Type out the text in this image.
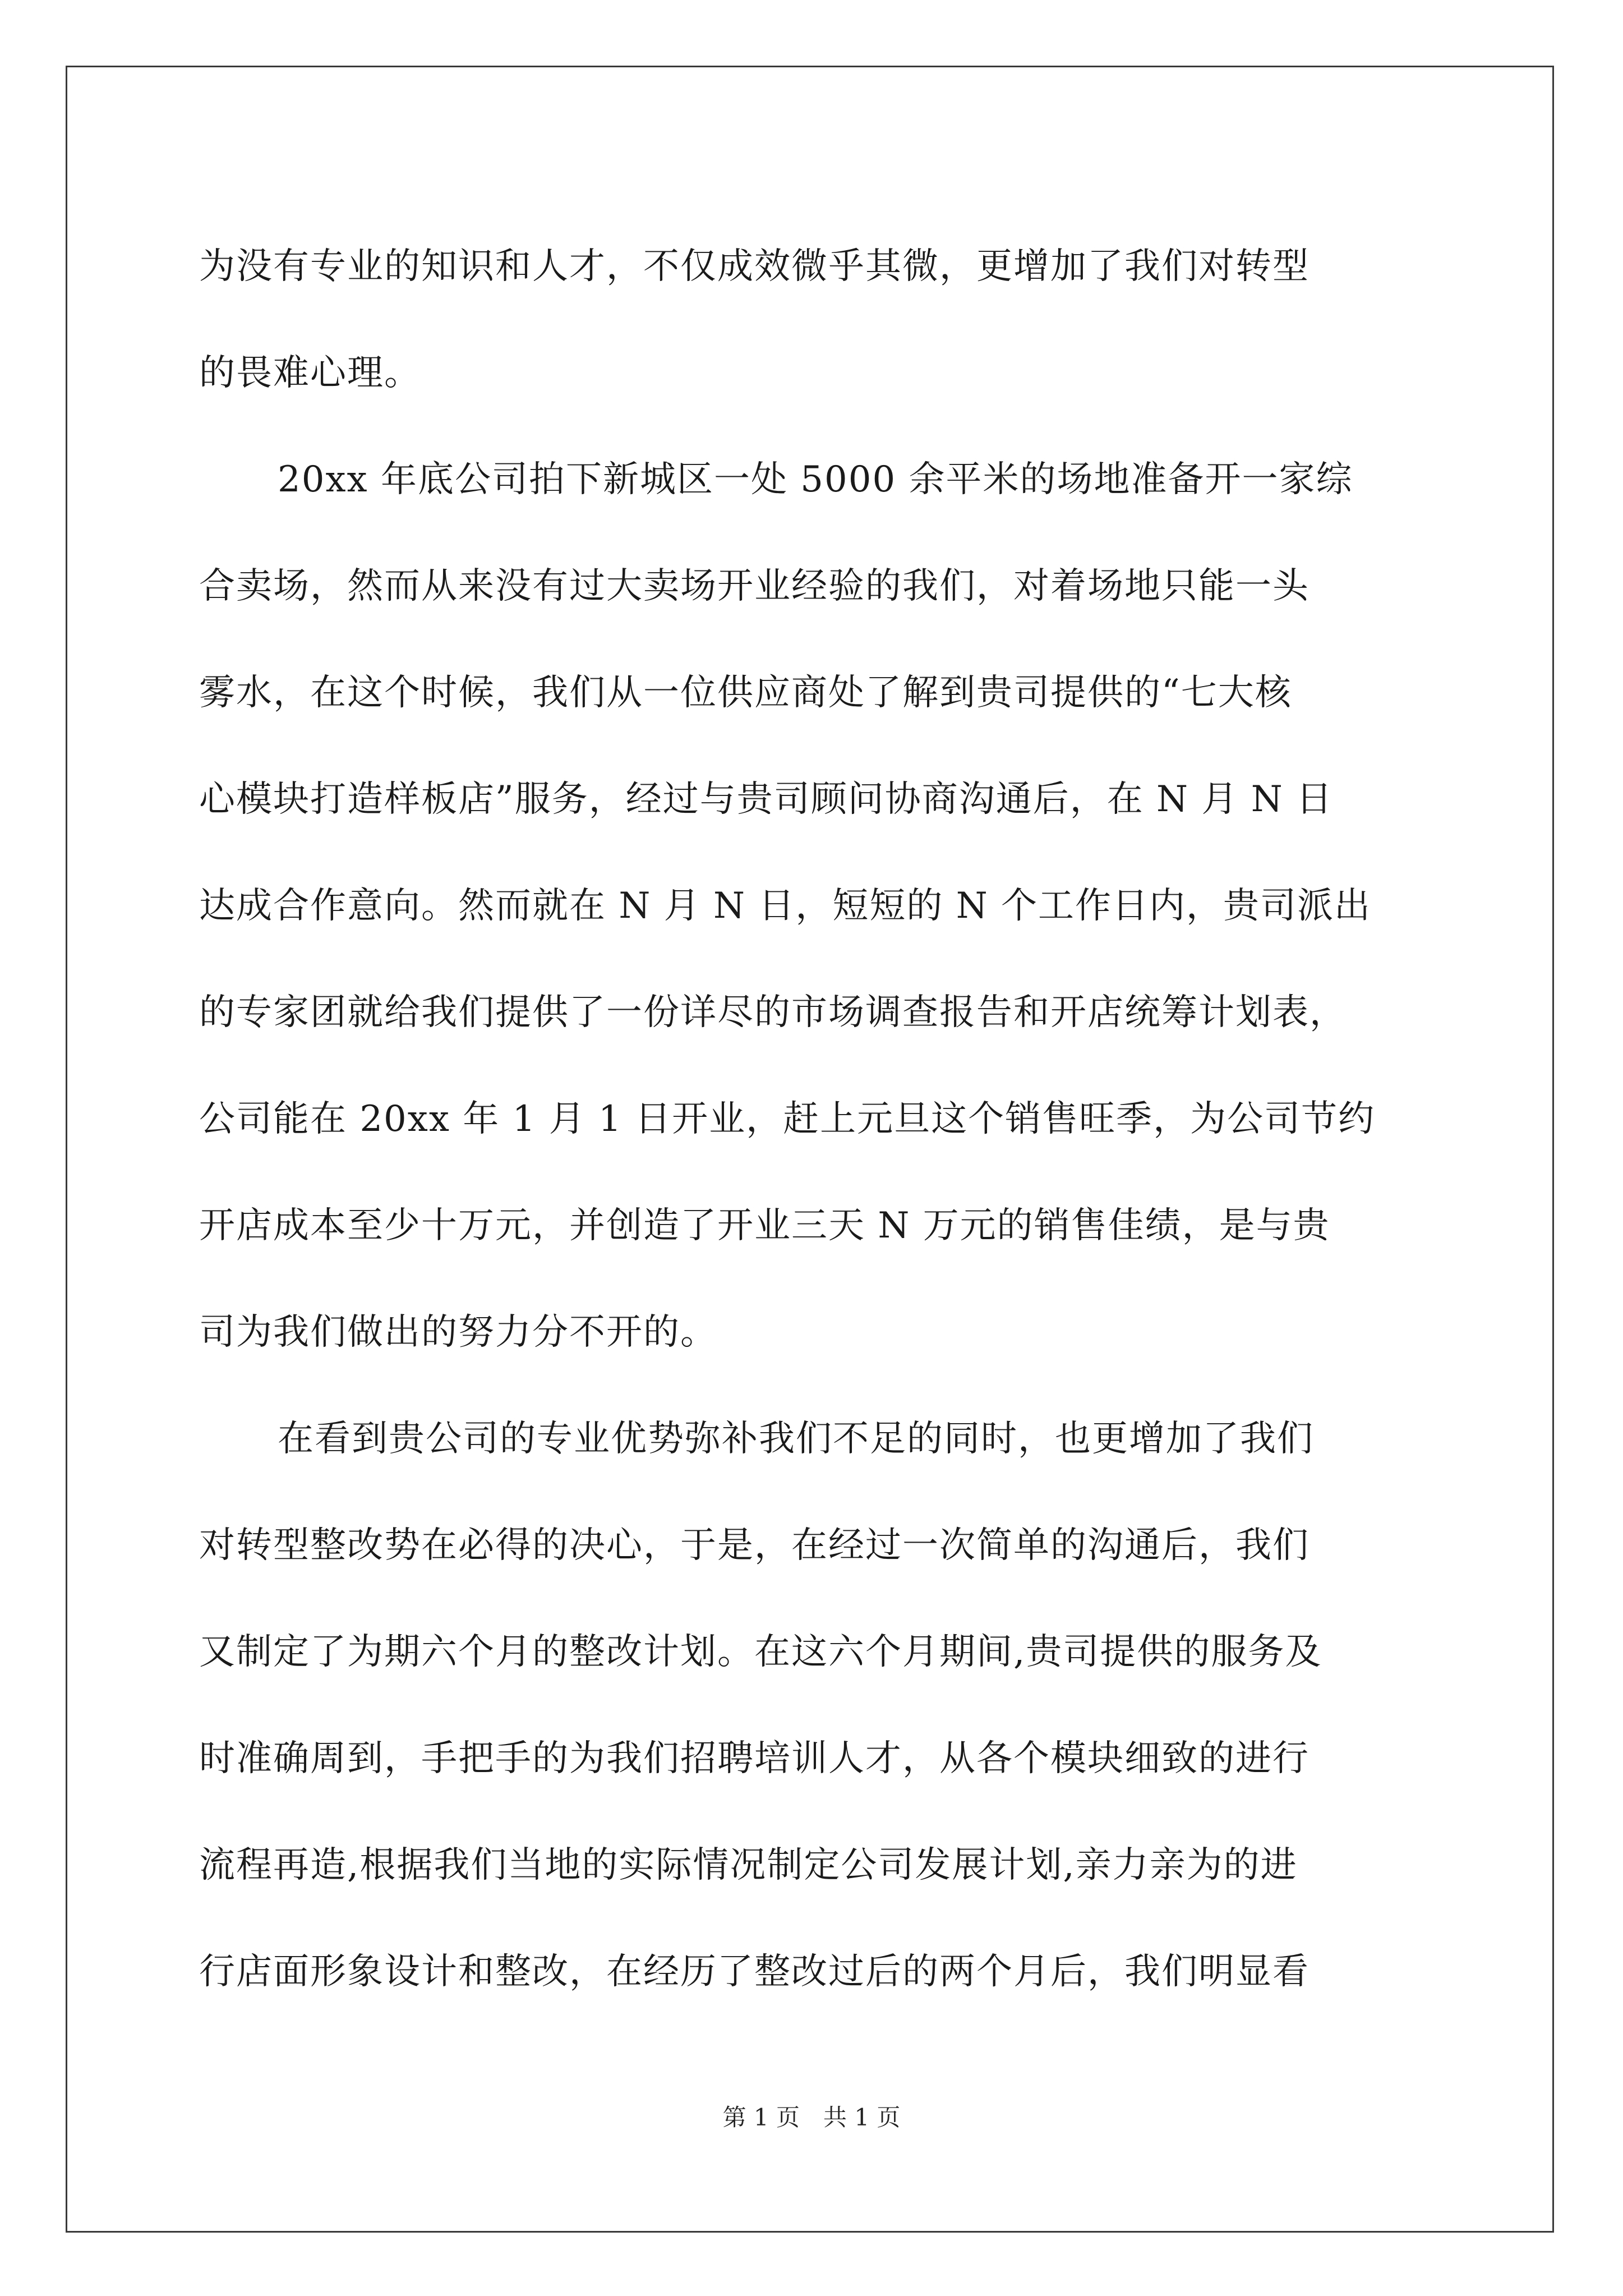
为没有专业的知识和人才，不仅成效微乎其微，更增加了我们对转型
的畏难心理。
20xx 年底公司拍下新城区一处 5000 余平米的场地准备开一家综
合卖场，然而从来没有过大卖场开业经验的我们，对着场地只能一头
雾水，在这个时候，我们从一位供应商处了解到贵司提供的“七大核
心模块打造样板店”服务，经过与贵司顾问协商沟通后，在 N 月 N 日
达成合作意向。然而就在 N 月 N 日，短短的 N 个工作日内，贵司派出
的专家团就给我们提供了一份详尽的市场调查报告和开店统筹计划表，
公司能在 20xx 年 1 月 1 日开业，赶上元旦这个销售旺季，为公司节约
开店成本至少十万元，并创造了开业三天 N 万元的销售佳绩，是与贵
司为我们做出的努力分不开的。
在看到贵公司的专业优势弥补我们不足的同时，也更增加了我们
对转型整改势在必得的决心，于是，在经过一次简单的沟通后，我们
又制定了为期六个月的整改计划。在这六个月期间,贵司提供的服务及
时准确周到，手把手的为我们招聘培训人才，从各个模块细致的进行
流程再造,根据我们当地的实际情况制定公司发展计划,亲力亲为的进
行店面形象设计和整改，在经历了整改过后的两个月后，我们明显看
第 1 页　共 1 页
